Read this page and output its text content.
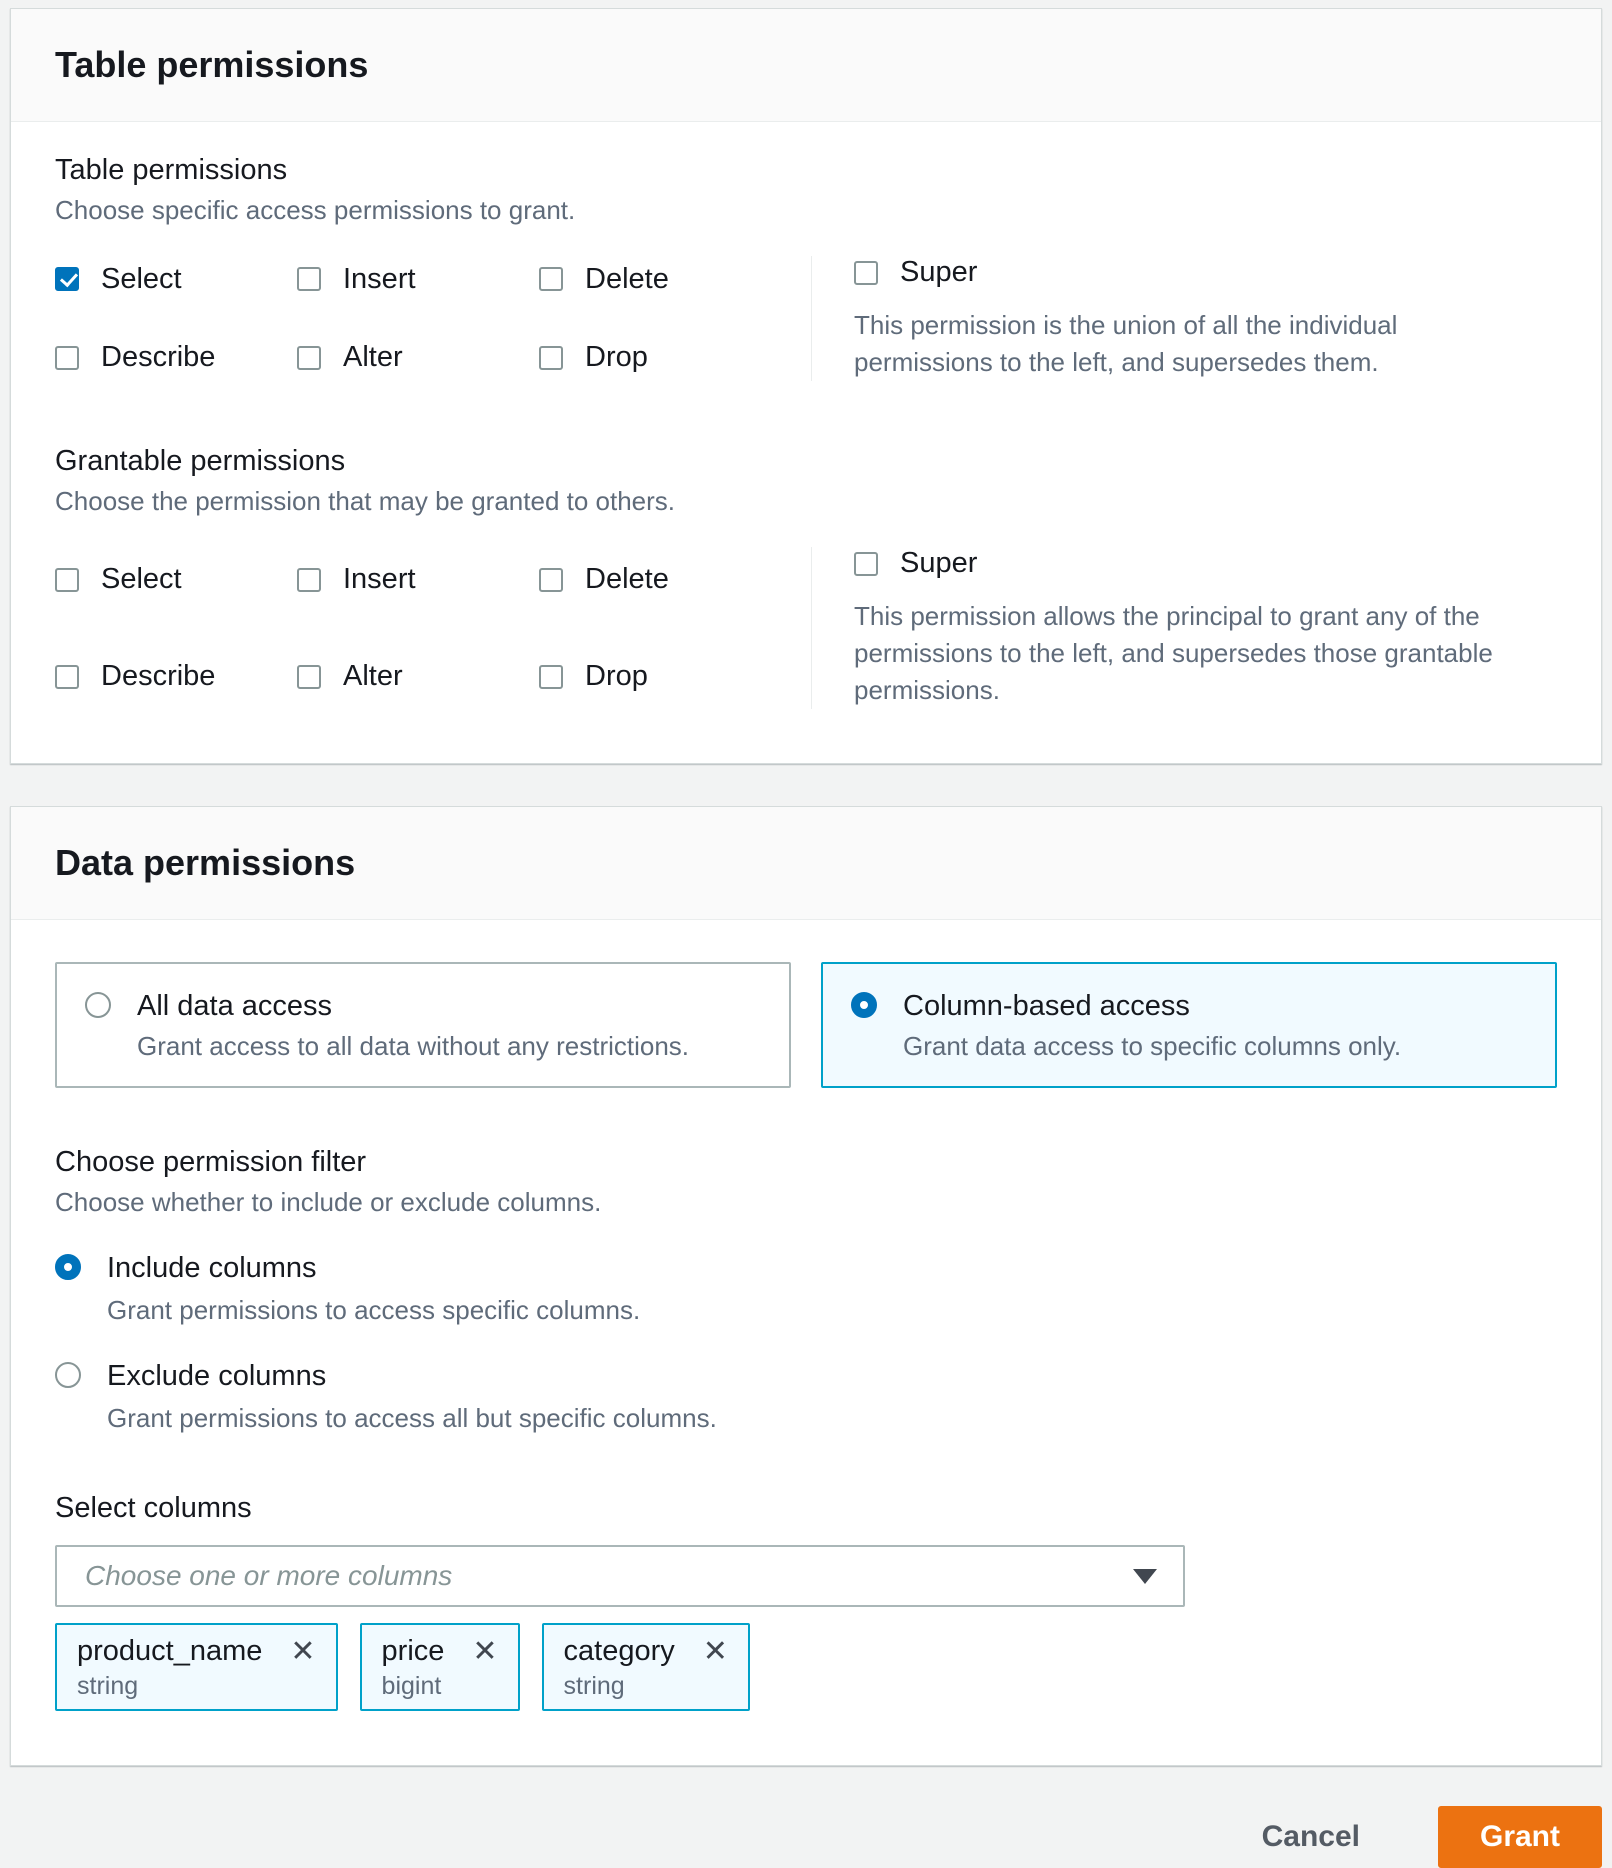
Table permissions
Table permissions
Choose specific access permissions to grant.
Select	Insert	Delete
Describe	Alter	Drop
Super
This permission is the union of all the individual permissions to the left, and supersedes them.
Grantable permissions
Choose the permission that may be granted to others.
Select	Insert	Delete
Describe	Alter	Drop
Super
This permission allows the principal to grant any of the permissions to the left, and supersedes those grantable permissions.
Data permissions
All data access
Grant access to all data without any restrictions.
Column-based access
Grant data access to specific columns only.
Choose permission filter
Choose whether to include or exclude columns.
Include columns
Grant permissions to access specific columns.
Exclude columns
Grant permissions to access all but specific columns.
Select columns
Choose one or more columns
product_name ✕
string
price ✕
bigint
category ✕
string
Cancel	Grant
